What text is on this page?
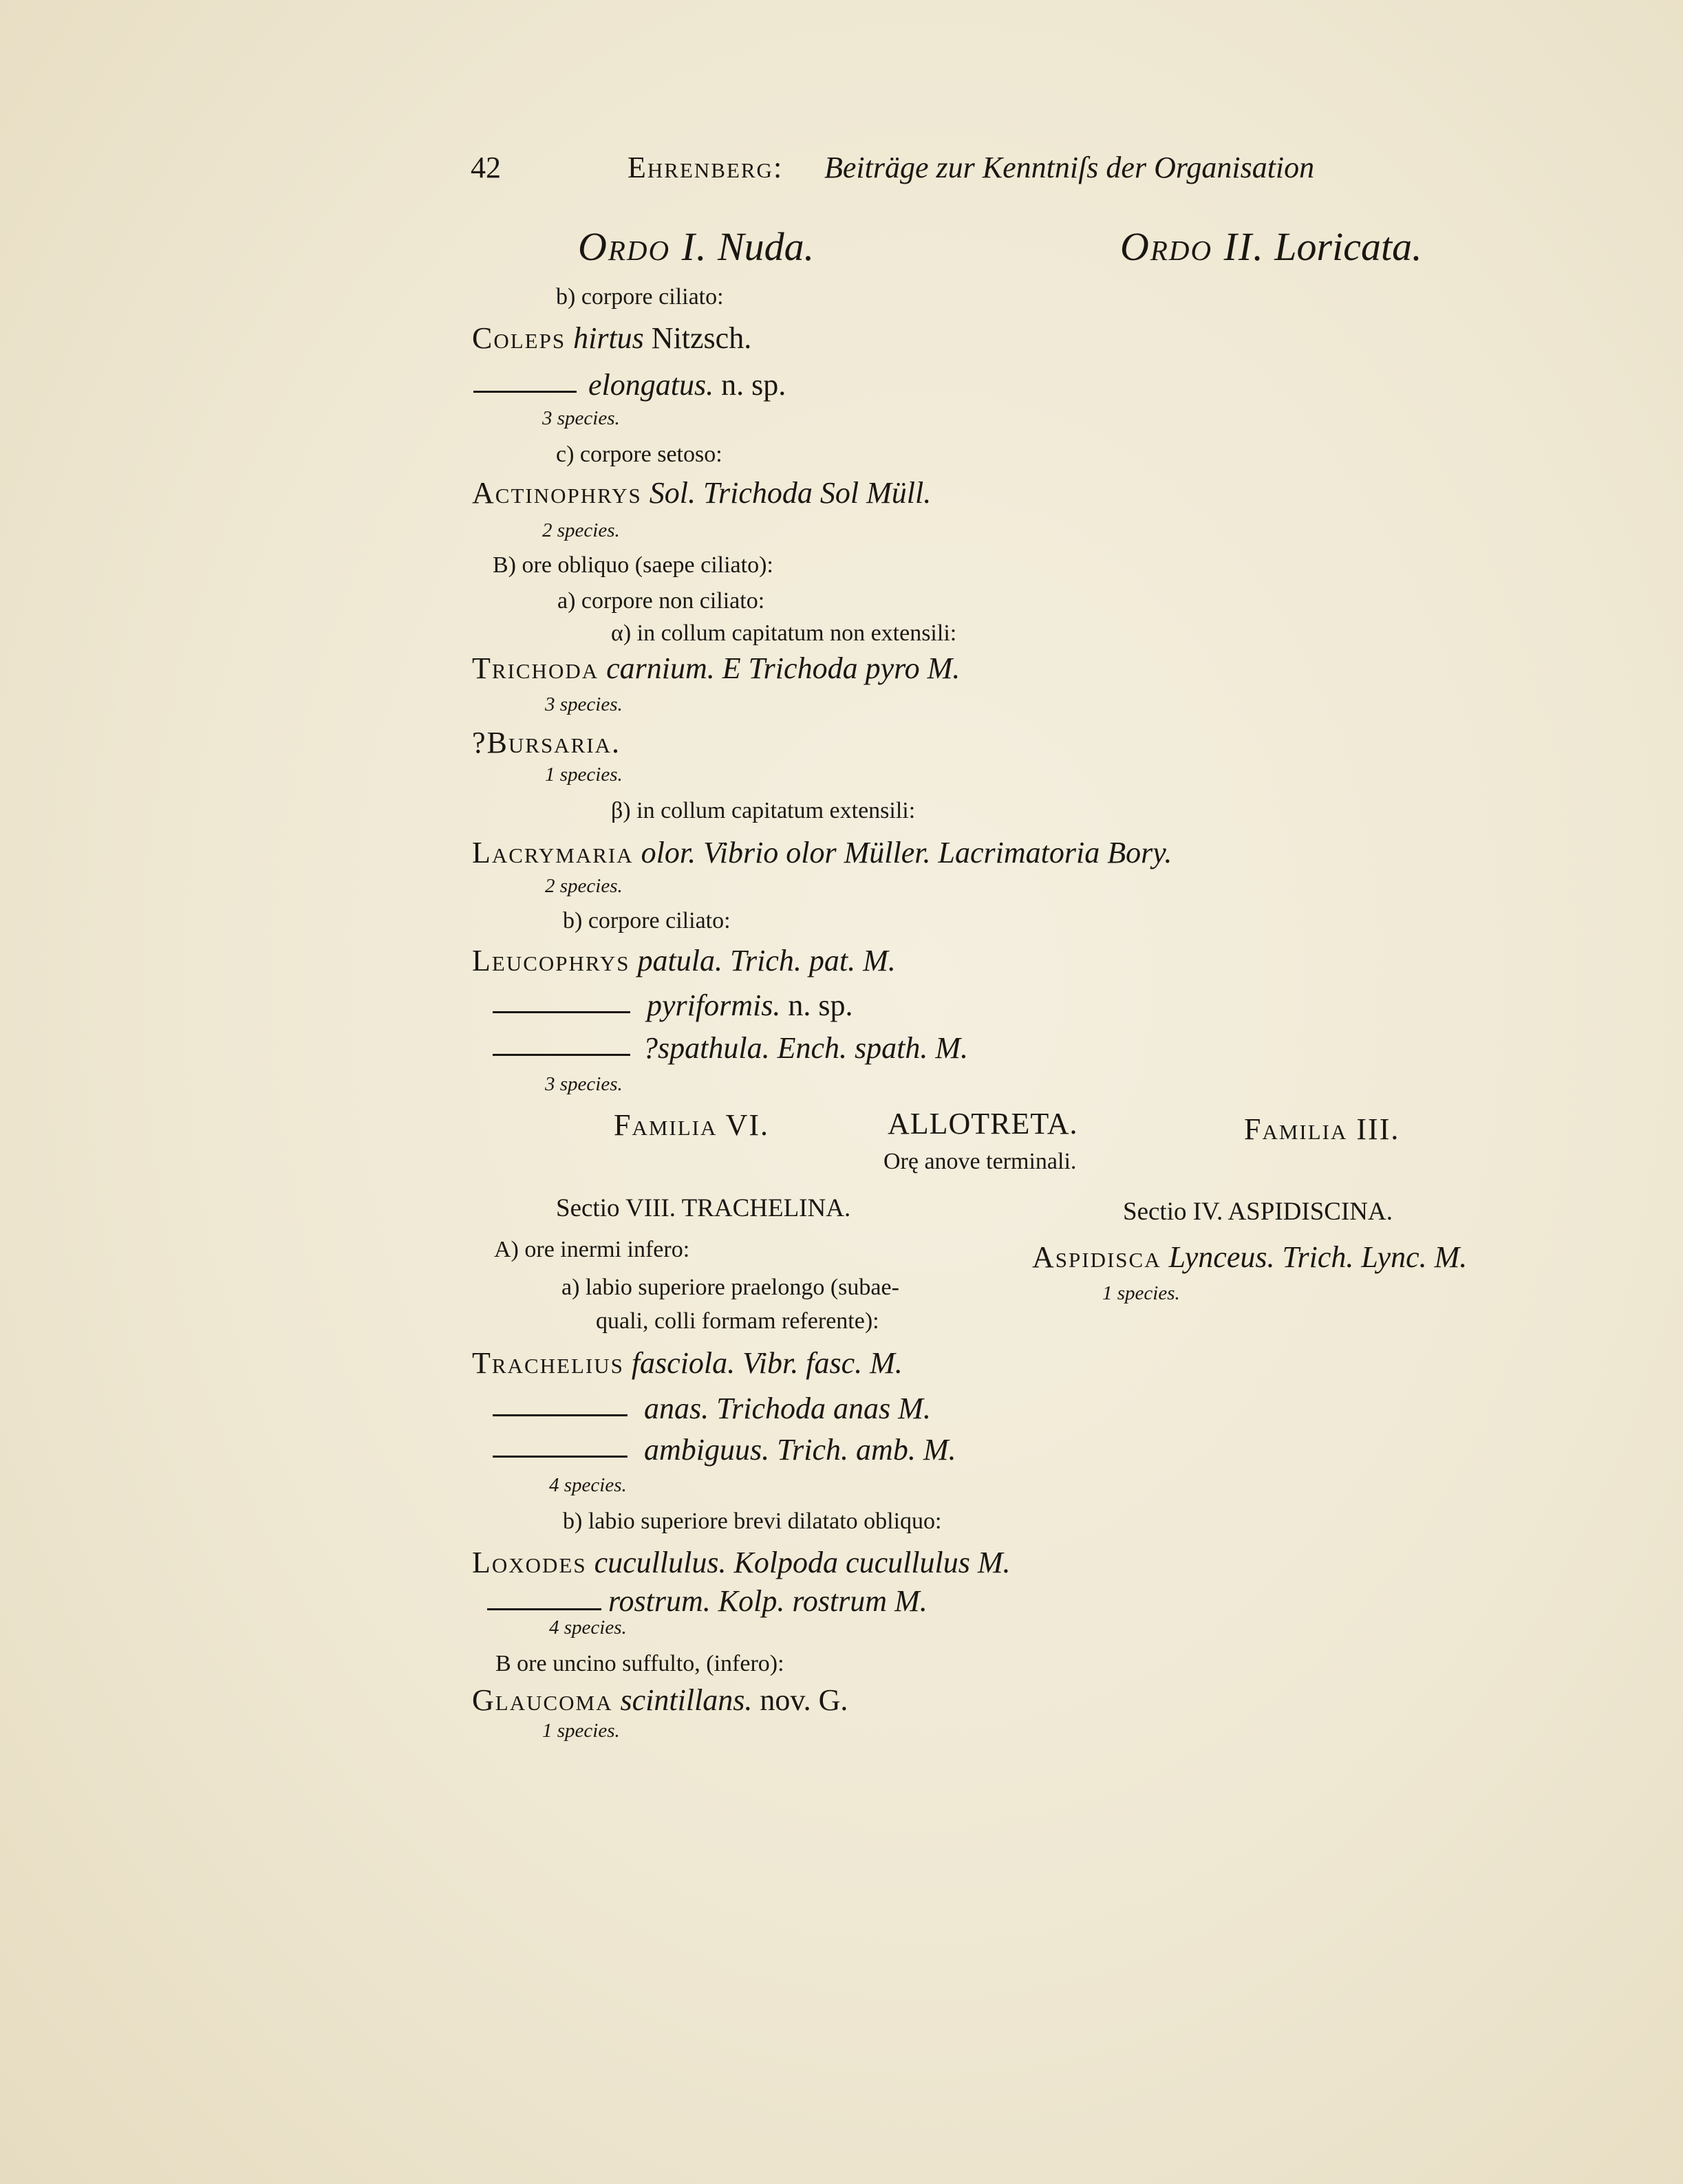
42	Ehrenberg: Beiträge zur Kenntniſs der Organisation
Ordo I. Nuda.	Ordo II. Loricata.
b) corpore ciliato:
Coleps hirtus Nitzsch.
elongatus. n. sp.
3 species.
c) corpore setoso:
Actinophrys Sol. Trichoda Sol Müll.
2 species.
B) ore obliquo (saepe ciliato):
a) corpore non ciliato:
α) in collum capitatum non extensili:
Trichoda carnium. E Trichoda pyro M.
3 species.
?Bursaria.
1 species.
β) in collum capitatum extensili:
Lacrymaria olor. Vibrio olor Müller. Lacrimatoria Bory.
2 species.
b) corpore ciliato:
Leucophrys patula. Trich. pat. M.
pyriformis. n. sp.
?spathula. Ench. spath. M.
3 species.
Familia VI.	ALLOTRETA.
Orę anove terminali.
Familia III.
Sectio VIII. TRACHELINA.
A) ore inermi infero:
a) labio superiore praelongo (subae-
quali, colli formam referente):
Trachelius fasciola. Vibr. fasc. M.
anas. Trichoda anas M.
ambiguus. Trich. amb. M.
4 species.
b) labio superiore brevi dilatato obliquo:
Loxodes cucullulus. Kolpoda cucullulus M.
rostrum. Kolp. rostrum M.
4 species.
B ore uncino suffulto, (infero):
Glaucoma scintillans. nov. G.
1 species.
Sectio IV. ASPIDISCINA.
Aspidisca Lynceus. Trich. Lync. M.
1 species.
